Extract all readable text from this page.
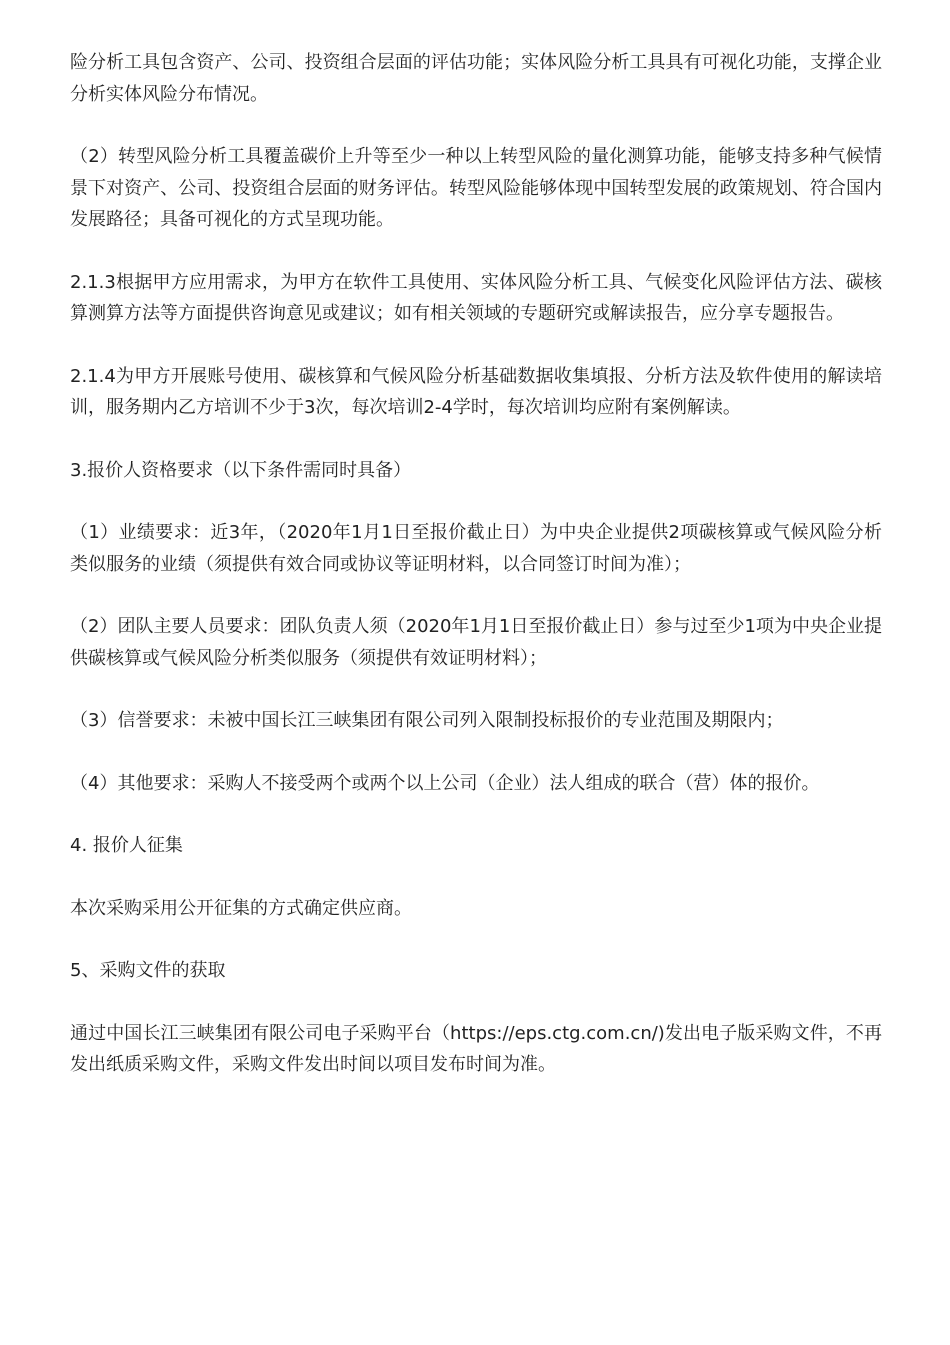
险分析工具包含资产、公司、投资组合层面的评估功能；实体风险分析工具具有可视化功能，支撑企业分析实体风险分布情况。

（2）转型风险分析工具覆盖碳价上升等至少一种以上转型风险的量化测算功能，能够支持多种气候情景下对资产、公司、投资组合层面的财务评估。转型风险能够体现中国转型发展的政策规划、符合国内发展路径；具备可视化的方式呈现功能。

2.1.3根据甲方应用需求，为甲方在软件工具使用、实体风险分析工具、气候变化风险评估方法、碳核算测算方法等方面提供咨询意见或建议；如有相关领域的专题研究或解读报告，应分享专题报告。

2.1.4为甲方开展账号使用、碳核算和气候风险分析基础数据收集填报、分析方法及软件使用的解读培训，服务期内乙方培训不少于3次，每次培训2-4学时，每次培训均应附有案例解读。

3.报价人资格要求（以下条件需同时具备）

（1）业绩要求：近3年，（2020年1月1日至报价截止日）为中央企业提供2项碳核算或气候风险分析类似服务的业绩（须提供有效合同或协议等证明材料，以合同签订时间为准）；

（2）团队主要人员要求：团队负责人须（2020年1月1日至报价截止日）参与过至少1项为中央企业提供碳核算或气候风险分析类似服务（须提供有效证明材料）；

（3）信誉要求：未被中国长江三峡集团有限公司列入限制投标报价的专业范围及期限内；

（4）其他要求：采购人不接受两个或两个以上公司（企业）法人组成的联合（营）体的报价。

4. 报价人征集

本次采购采用公开征集的方式确定供应商。

5、采购文件的获取

通过中国长江三峡集团有限公司电子采购平台（https://eps.ctg.com.cn/)发出电子版采购文件，不再发出纸质采购文件，采购文件发出时间以项目发布时间为准。
